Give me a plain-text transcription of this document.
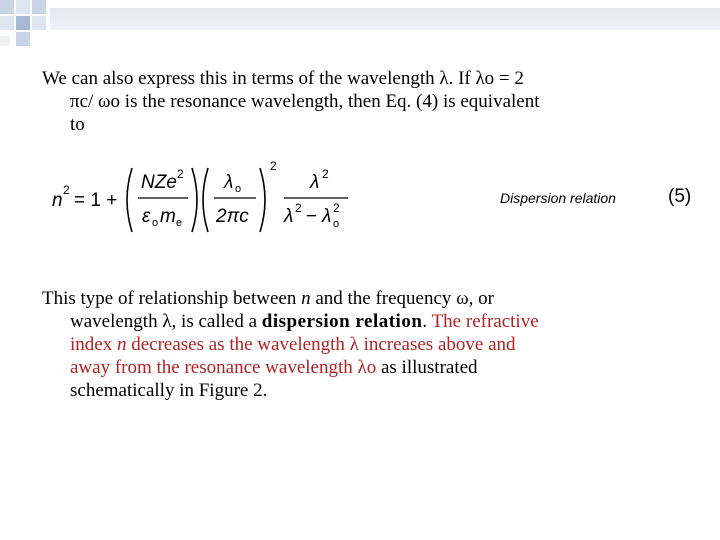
We can also express this in terms of the wavelength λ. If λo = 2

πc/ ωo is the resonance wavelength, then Eq. (4) is equivalent
to
n 2 = 1 +
NZe 2
ε o m e
λ o
2πc
2
λ 2
λ 2 − λ 2
o
Dispersion relation	(5)
This type of relationship between n and the frequency ω, or
wavelength λ, is called a dispersion relation. The refractive
index n decreases as the wavelength λ increases above and
away from the resonance wavelength λo as illustrated
schematically in Figure 2.
